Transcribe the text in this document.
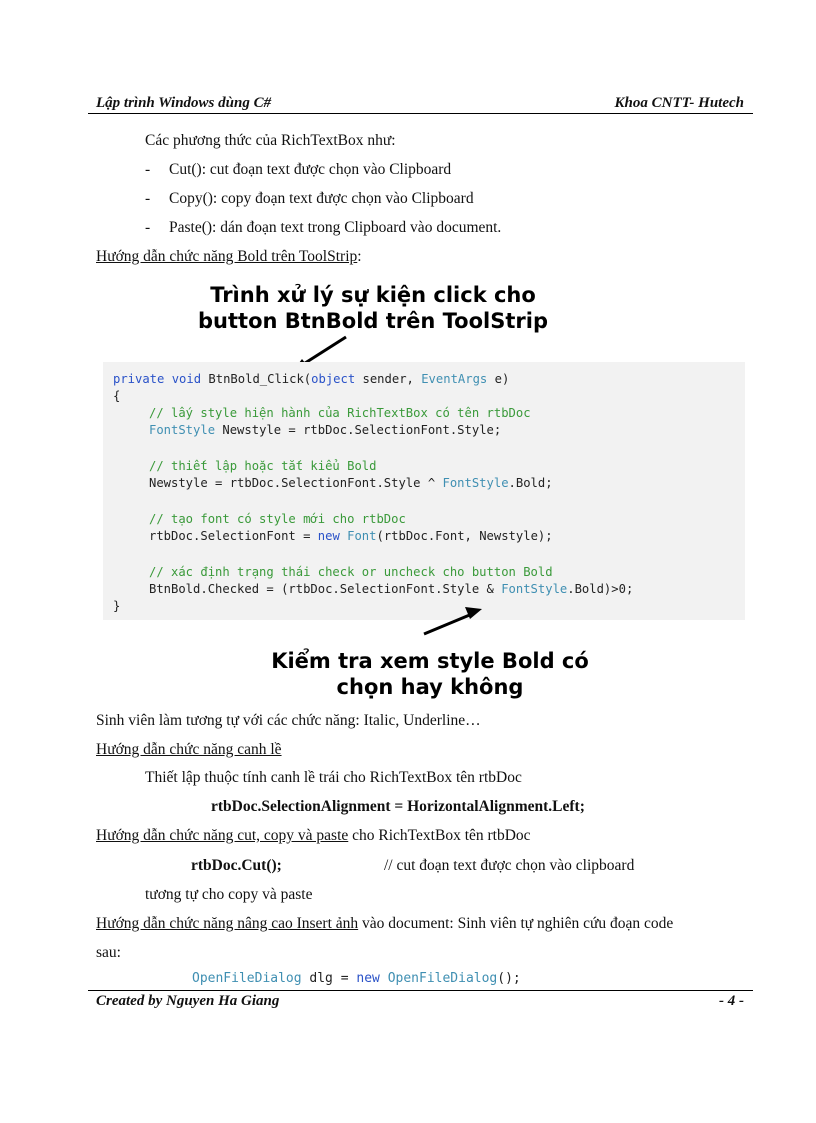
Lập trình Windows dùng C#	Khoa CNTT- Hutech
Các phương thức của RichTextBox như:
- Cut(): cut đoạn text được chọn vào Clipboard
- Copy(): copy đoạn text được chọn vào Clipboard
- Paste(): dán đoạn text trong Clipboard vào document.
Hướng dẫn chức năng Bold trên ToolStrip:
Trình xử lý sự kiện click cho
button BtnBold trên ToolStrip
private void BtnBold_Click(object sender, EventArgs e)
{
// lấy style hiện hành của RichTextBox có tên rtbDoc
FontStyle Newstyle = rtbDoc.SelectionFont.Style;
// thiết lập hoặc tắt kiểu Bold
Newstyle = rtbDoc.SelectionFont.Style ^ FontStyle.Bold;
// tạo font có style mới cho rtbDoc
rtbDoc.SelectionFont = new Font(rtbDoc.Font, Newstyle);
// xác định trạng thái check or uncheck cho button Bold
BtnBold.Checked = (rtbDoc.SelectionFont.Style & FontStyle.Bold)>0;
}
Kiểm tra xem style Bold có
chọn hay không
Sinh viên làm tương tự với các chức năng: Italic, Underline…
Hướng dẫn chức năng canh lề
Thiết lập thuộc tính canh lề trái cho RichTextBox tên rtbDoc
rtbDoc.SelectionAlignment = HorizontalAlignment.Left;
Hướng dẫn chức năng cut, copy và paste cho RichTextBox tên rtbDoc
rtbDoc.Cut();	// cut đoạn text được chọn vào clipboard
tương tự cho copy và paste
Hướng dẫn chức năng nâng cao Insert ảnh vào document: Sinh viên tự nghiên cứu đoạn code
sau:
OpenFileDialog dlg = new OpenFileDialog();
Created by Nguyen Ha Giang	- 4 -
